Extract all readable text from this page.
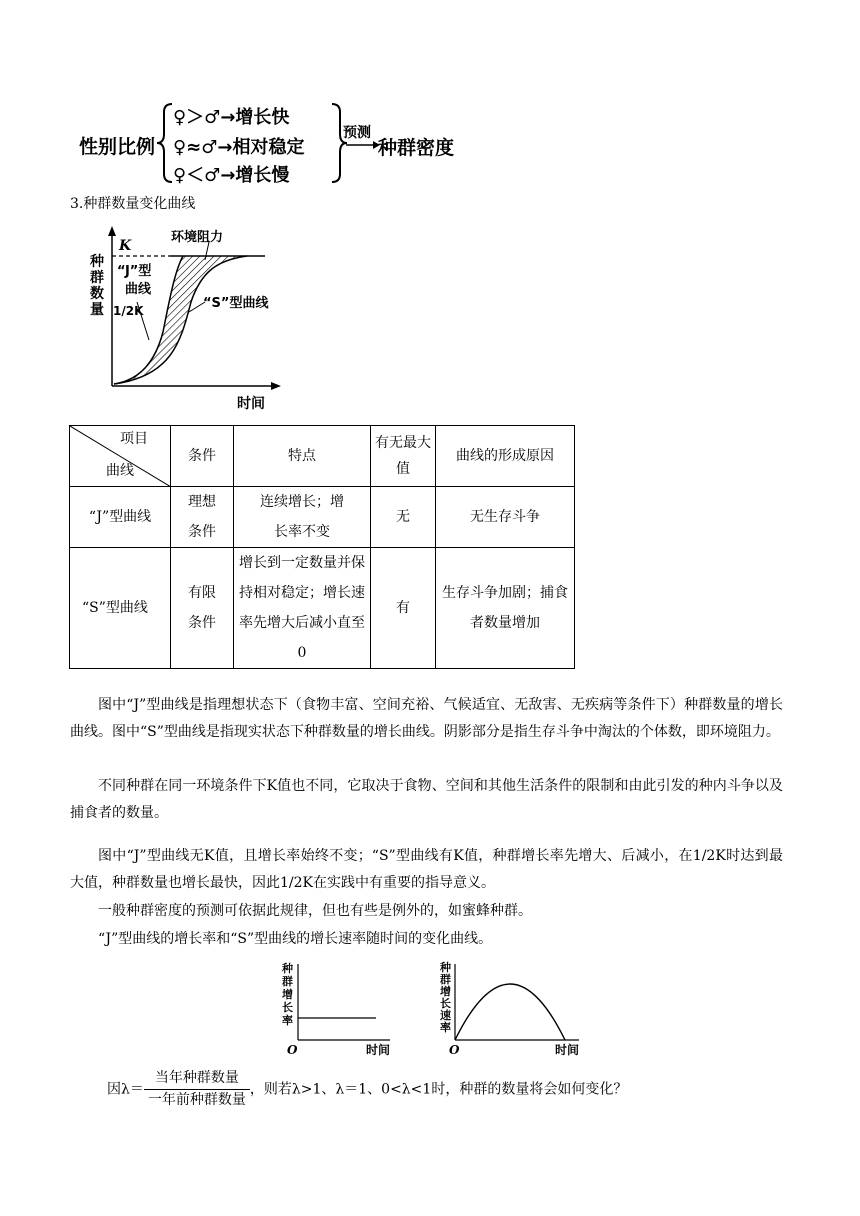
性别比例
♀＞♂→增长快
♀≈♂→相对稳定
♀＜♂→增长慢
预测
种群密度
3.种群数量变化曲线
K
1/2K
“J”型
曲线
“S”型曲线
环境阻力
时间
种群数量
项目
曲线	条件	特点	有无最大值	曲线的形成原因
“J”型曲线	理想条件	连续增长；增长率不变	无	无生存斗争
“S”型曲线	有限条件	增长到一定数量并保持相对稳定；增长速率先增大后减小直至0	有	生存斗争加剧；捕食者数量增加

图中“J”型曲线是指理想状态下（食物丰富、空间充裕、气候适宜、无敌害、无疾病等条件下）种群数量的增长曲线。图中“S”型曲线是指现实状态下种群数量的增长曲线。阴影部分是指生存斗争中淘汰的个体数，即环境阻力。

不同种群在同一环境条件下K值也不同，它取决于食物、空间和其他生活条件的限制和由此引发的种内斗争以及捕食者的数量。

图中“J”型曲线无K值，且增长率始终不变；“S”型曲线有K值，种群增长率先增大、后减小，在1/2K时达到最大值，种群数量也增长最快，因此1/2K在实践中有重要的指导意义。

一般种群密度的预测可依据此规律，但也有些是例外的，如蜜蜂种群。

“J”型曲线的增长率和“S”型曲线的增长速率随时间的变化曲线。

O	时间
种群增长率
O	时间
种群增长速率
因$\lambda= \frac{\text{当年种群数量}}{\text{一年前种群数量}}$ ，则若λ>1、λ＝1、0<λ<1时，种群的数量将会如何变化？
